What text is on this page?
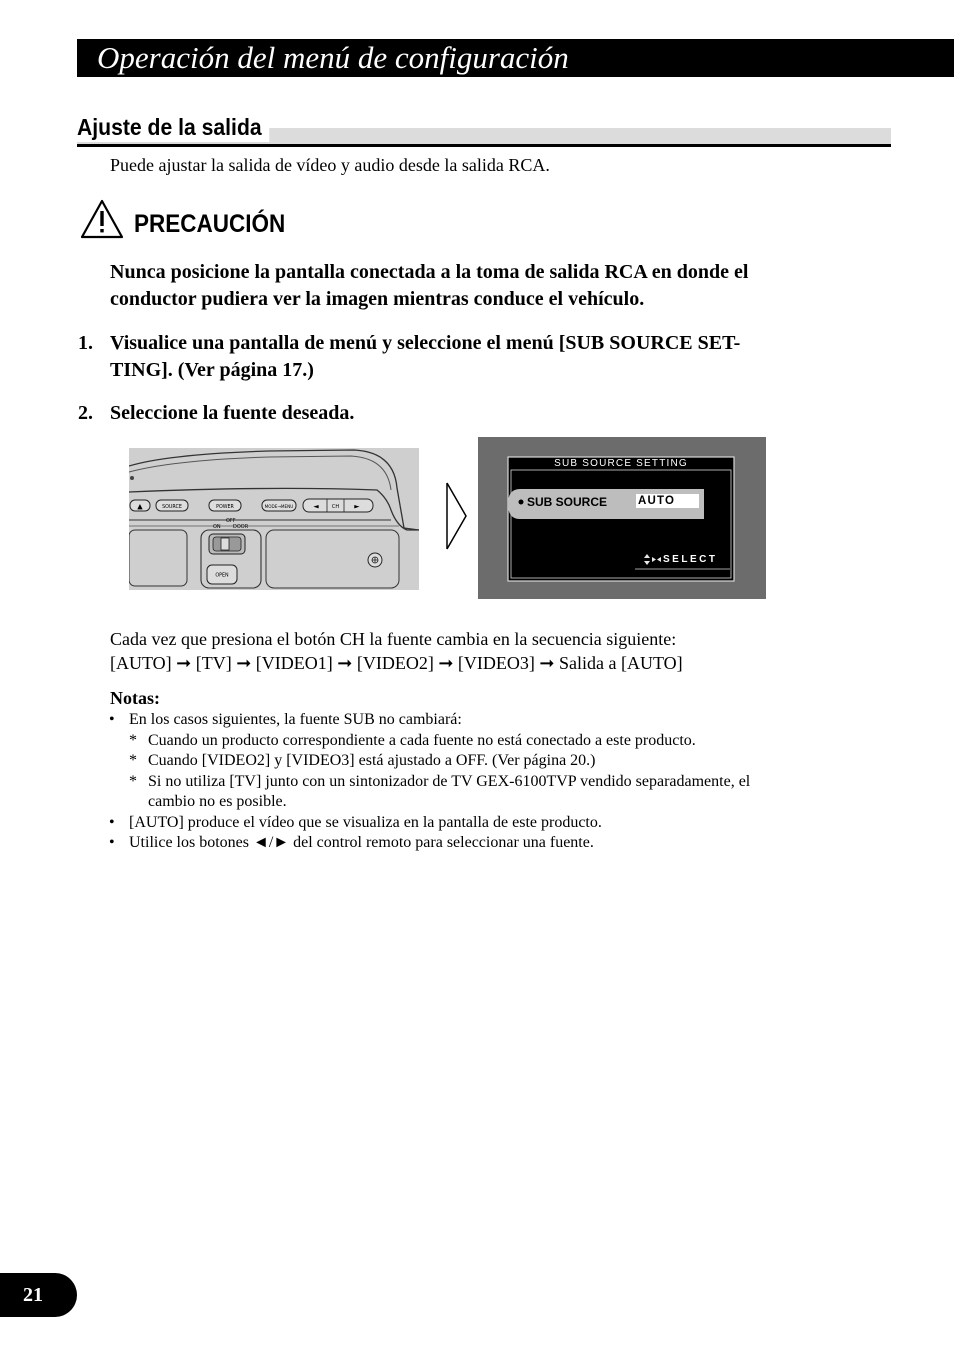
Operación del menú de configuración
Ajuste de la salida
Puede ajustar la salida de vídeo y audio desde la salida RCA.
PRECAUCIÓN
Nunca posicione la pantalla conectada a la toma de salida RCA en donde el
conductor pudiera ver la imagen mientras conduce el vehículo.
1. Visualice una pantalla de menú y seleccione el menú [SUB SOURCE SET-
TING]. (Ver página 17.)
2. Seleccione la fuente deseada.
▲	SOURCE	POWER	MODE→MENU	◄	CH ►
OFF
ON DOOR
OPEN
SUB SOURCE SETTING
SUB SOURCE	AUTO
SELECT
Cada vez que presiona el botón CH la fuente cambia en la secuencia siguiente:
[AUTO] ➞ [TV] ➞ [VIDEO1] ➞ [VIDEO2] ➞ [VIDEO3] ➞ Salida a [AUTO]
Notas:
• En los casos siguientes, la fuente SUB no cambiará:
* Cuando un producto correspondiente a cada fuente no está conectado a este producto.
* Cuando [VIDEO2] y [VIDEO3] está ajustado a OFF. (Ver página 20.)
* Si no utiliza [TV] junto con un sintonizador de TV GEX-6100TVP vendido separadamente, el
cambio no es posible.
• [AUTO] produce el vídeo que se visualiza en la pantalla de este producto.
• Utilice los botones ◄/► del control remoto para seleccionar una fuente.
21
